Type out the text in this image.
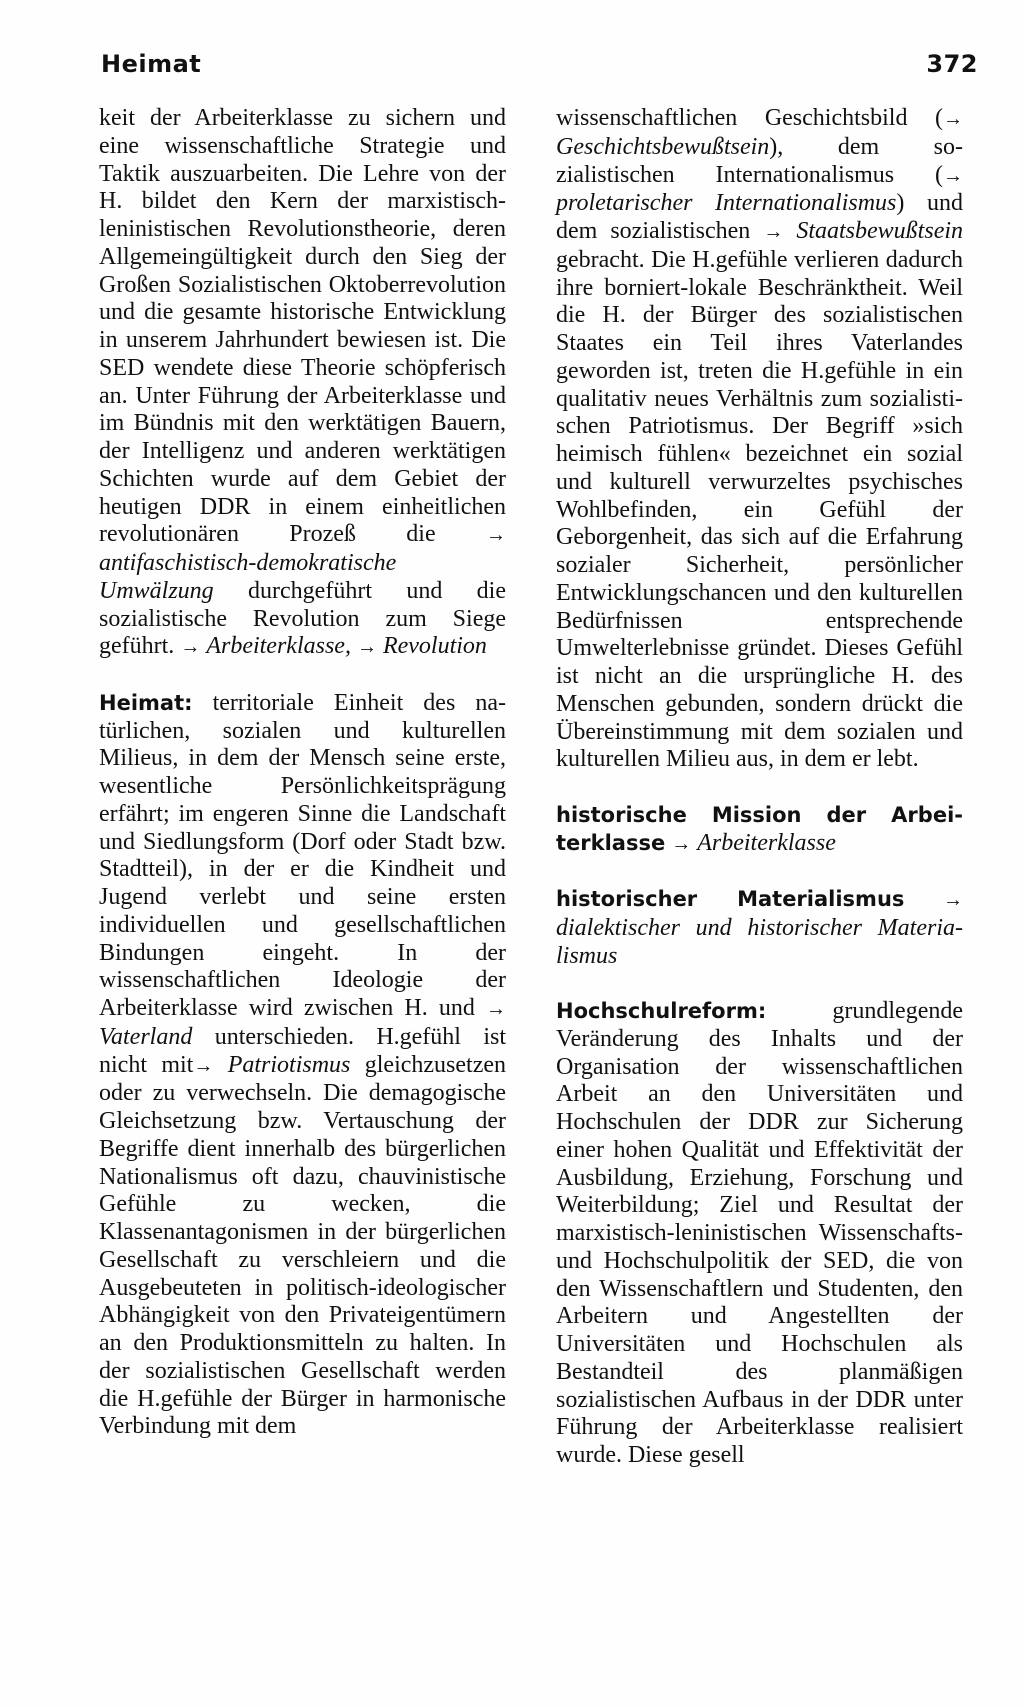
Heimat	372

keit der Arbeiterklasse zu sichern und eine wissenschaftliche Strategie und Taktik auszuarbeiten. Die Lehre von der H. bildet den Kern der marxistisch-leninistischen Revolutionstheorie, deren Allgemeingültigkeit durch den Sieg der Großen Sozialistischen Oktoberrevolution und die gesamte historische Entwicklung in unserem Jahrhundert bewiesen ist. Die SED wendete diese Theorie schöpferisch an. Unter Führung der Arbeiterklasse und im Bündnis mit den werktätigen Bauern, der Intelligenz und anderen werktätigen Schichten wurde auf dem Gebiet der heutigen DDR in einem einheitlichen revolutionären Prozeß die	→ antifaschistisch-demokratische Umwälzung durchgeführt und die sozialistische Revolution zum Siege geführt. → Arbeiterklasse, → Revolution

Heimat: territoriale Einheit des natürlichen, sozialen und kulturellen Milieus, in dem der Mensch seine erste, wesentliche Persönlichkeitsprägung erfährt; im engeren Sinne die Landschaft und Siedlungsform (Dorf oder Stadt bzw. Stadtteil), in der er die Kindheit und Jugend verlebt und seine ersten individuellen und gesellschaftlichen Bindungen eingeht. In der wissenschaftlichen Ideologie der Arbeiterklasse wird zwischen H. und → Vaterland unterschieden. H.gefühl ist nicht mit→ Patriotismus gleichzusetzen oder zu verwechseln. Die demagogische Gleichsetzung bzw. Vertauschung der Begriffe dient innerhalb des bürgerlichen Nationalismus oft dazu, chauvinistische Gefühle zu wecken, die Klassenantagonismen in der bürgerlichen Gesellschaft zu verschleiern und die Ausgebeuteten in politisch-ideologischer Abhängigkeit von den Privateigentümern an den Produktionsmitteln zu halten. In der sozialistischen Gesellschaft werden die H.gefühle der Bürger in harmonische Verbindung mit dem

wissenschaftlichen Geschichtsbild (→ Geschichtsbewußtsein), dem sozialistischen Internationalismus (→ proletarischer Internationalismus) und dem sozialistischen → Staatsbewußtsein gebracht. Die H.gefühle verlieren dadurch ihre borniert-lokale Beschränktheit. Weil die H. der Bürger des sozialistischen Staates ein Teil ihres Vaterlandes geworden ist, treten die H.gefühle in ein qualitativ neues Verhältnis zum sozialistischen Patriotismus. Der Begriff »sich heimisch fühlen« bezeichnet ein sozial und kulturell verwurzeltes psychisches Wohlbefinden, ein Gefühl der Geborgenheit, das sich auf die Erfahrung sozialer Sicherheit, persönlicher Entwicklungschancen und den kulturellen Bedürfnissen entsprechende Umwelterlebnisse gründet. Dieses Gefühl ist nicht an die ursprüngliche H. des Menschen gebunden, sondern drückt die Übereinstimmung mit dem sozialen und kulturellen Milieu aus, in dem er lebt.

historische Mission der Arbeiterklasse → Arbeiterklasse

historischer Materialismus → dialektischer und historischer Materialismus

Hochschulreform:	grundlegende Veränderung des Inhalts und der Organisation der wissenschaftlichen Arbeit an den Universitäten und Hochschulen der DDR zur Sicherung einer hohen Qualität und Effektivität der Ausbildung, Erziehung, Forschung und Weiterbildung; Ziel und Resultat der marxistisch-leninistischen Wissenschafts- und Hochschulpolitik der SED, die von den Wissenschaftlern und Studenten, den Arbeitern und Angestellten der Universitäten und Hochschulen als Bestandteil des planmäßigen sozialistischen Aufbaus in der DDR unter Führung der Arbeiterklasse realisiert wurde. Diese gesell
